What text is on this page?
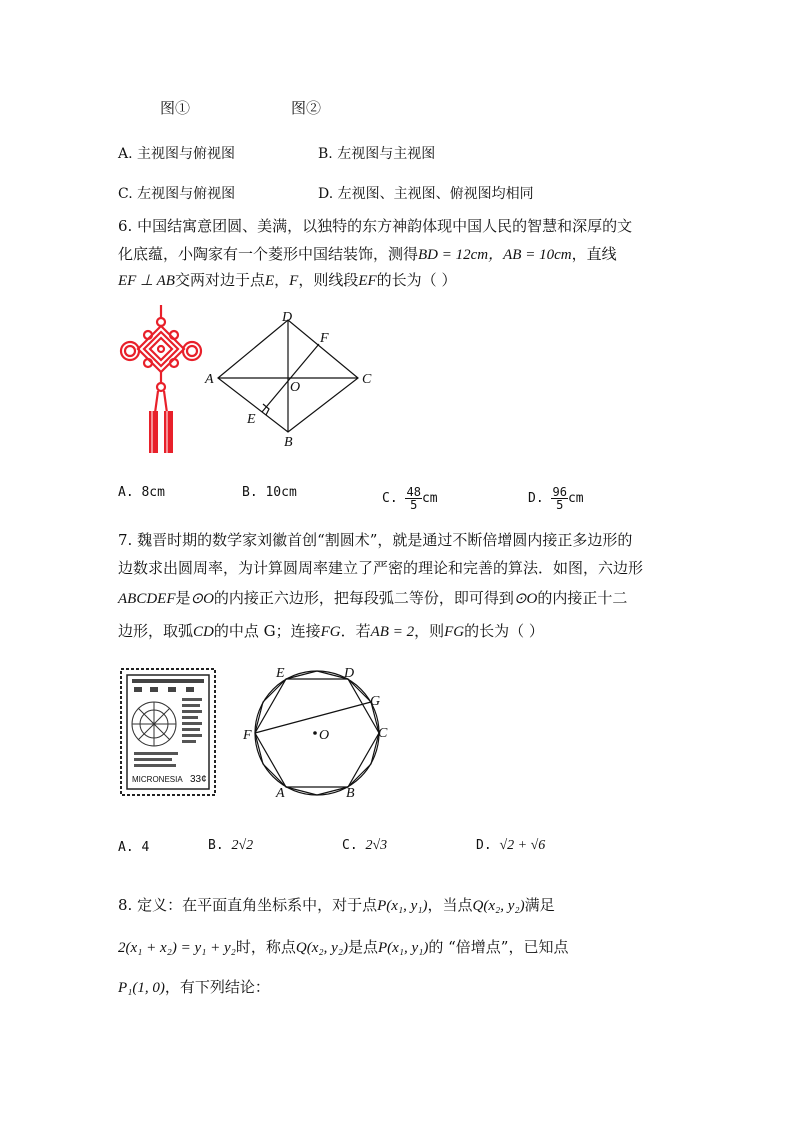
图①	图②
A. 主视图与俯视图	B. 左视图与主视图
C. 左视图与俯视图	D. 左视图、主视图、俯视图均相同
6. 中国结寓意团圆、美满，以独特的东方神韵体现中国人民的智慧和深厚的文
化底蕴，小陶家有一个菱形中国结装饰，测得BD = 12cm，AB = 10cm，直线
EF ⊥ AB交两对边于点E，F，则线段EF的长为（ ）
D
F
A
O
C
E
B
A. 8cm	B. 10cm	C. $\frac{48}{5}$ cm	D. $\frac{96}{5}$ cm
7. 魏晋时期的数学家刘徽首创“割圆术”，就是通过不断倍增圆内接正多边形的
边数求出圆周率，为计算圆周率建立了严密的理论和完善的算法．如图，六边形
ABCDEF是⊙O的内接正六边形，把每段弧二等份，即可得到⊙O的内接正十二
边形，取弧CD的中点 G；连接FG．若AB = 2，则FG的长为（ ）
MICRONESIA 33¢
E	D
G
F	O	C
A	B
A. 4	B. 2√2	C. 2√3	D. √2 + √6
8. 定义：在平面直角坐标系中，对于点P(x₁, y₁)，当点Q(x₂, y₂)满足
2(x₁ + x₂) = y₁ + y₂时，称点Q(x₂, y₂)是点P(x₁, y₁)的 “倍增点”，已知点
P₁(1, 0)，有下列结论：
